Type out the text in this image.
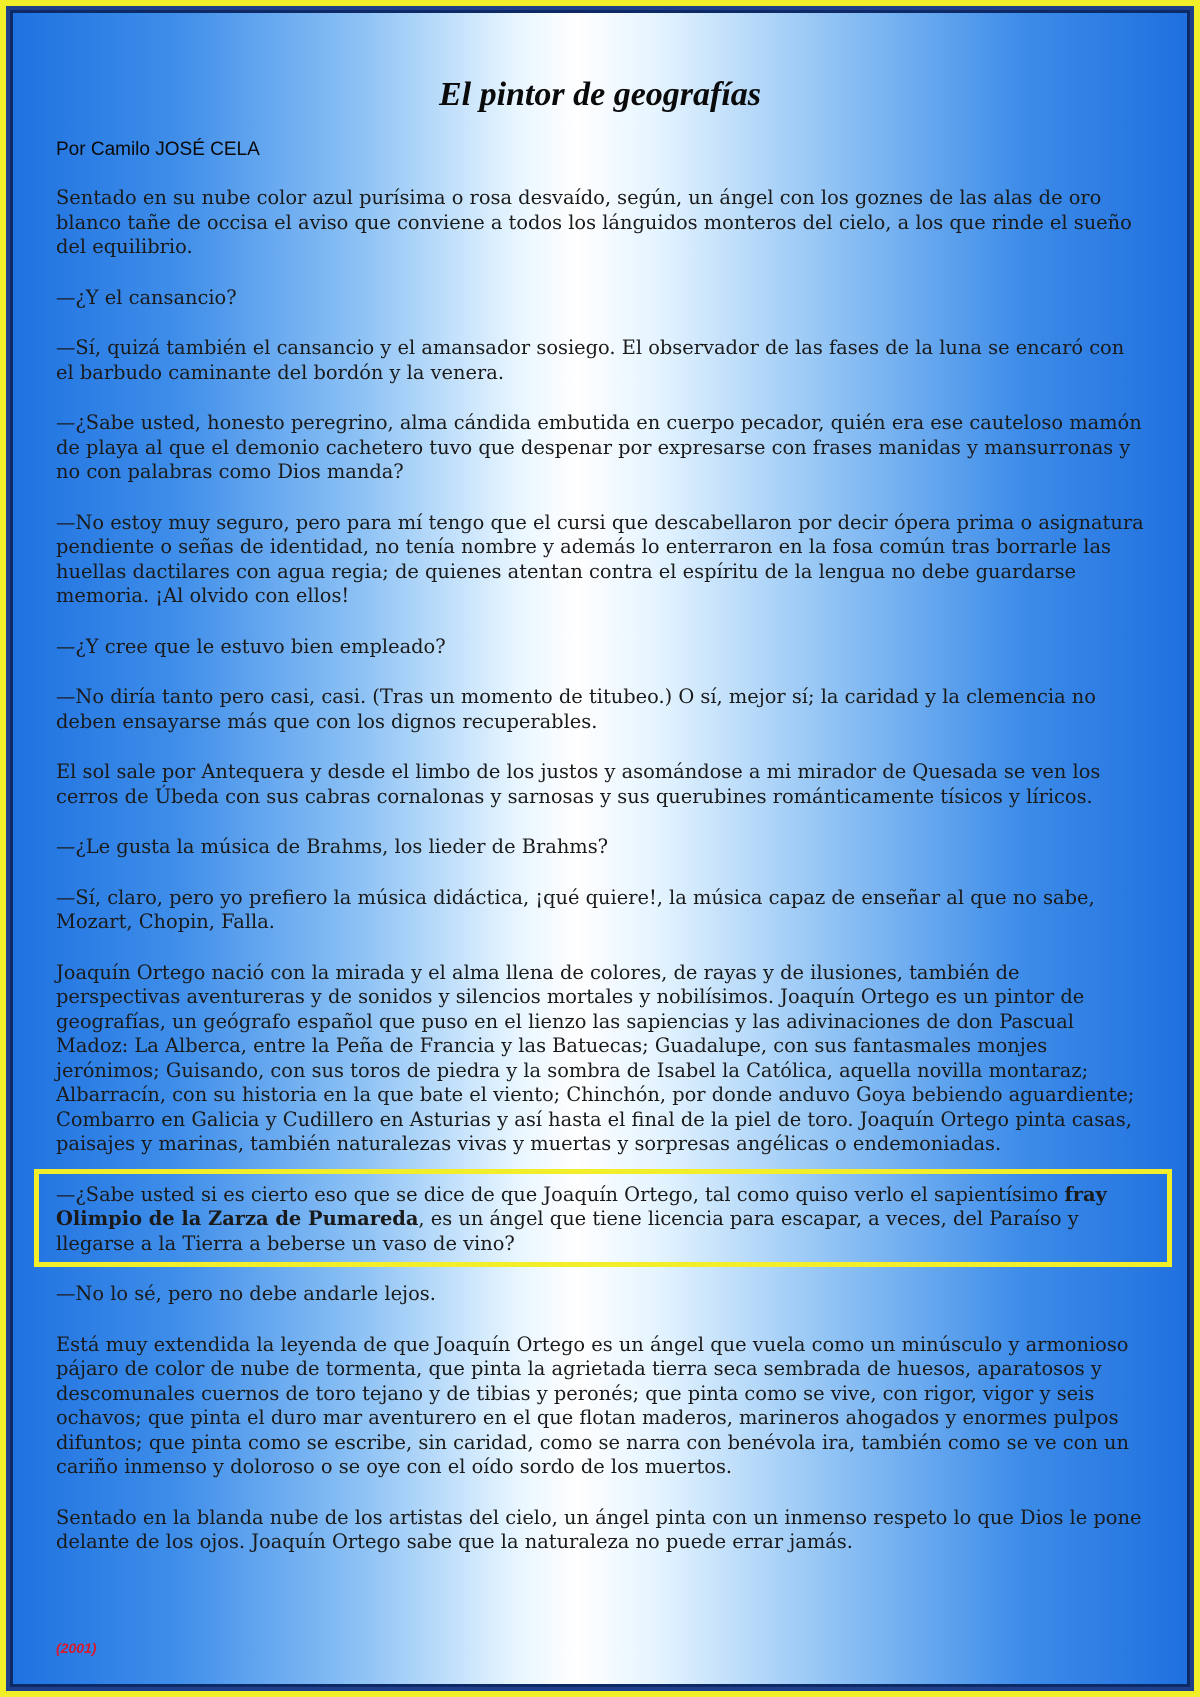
El pintor de geografías
Por Camilo JOSÉ CELA

Sentado en su nube color azul purísima o rosa desvaído, según, un ángel con los goznes de las alas de oro blanco tañe de occisa el aviso que conviene a todos los lánguidos monteros del cielo, a los que rinde el sueño del equilibrio.

—¿Y el cansancio?

—Sí, quizá también el cansancio y el amansador sosiego. El observador de las fases de la luna se encaró con el barbudo caminante del bordón y la venera.

—¿Sabe usted, honesto peregrino, alma cándida embutida en cuerpo pecador, quién era ese cauteloso mamón de playa al que el demonio cachetero tuvo que despenar por expresarse con frases manidas y mansurronas y no con palabras como Dios manda?

—No estoy muy seguro, pero para mí tengo que el cursi que descabellaron por decir ópera prima o asignatura pendiente o señas de identidad, no tenía nombre y además lo enterraron en la fosa común tras borrarle las huellas dactilares con agua regia; de quienes atentan contra el espíritu de la lengua no debe guardarse memoria. ¡Al olvido con ellos!

—¿Y cree que le estuvo bien empleado?

—No diría tanto pero casi, casi. (Tras un momento de titubeo.) O sí, mejor sí; la caridad y la clemencia no deben ensayarse más que con los dignos recuperables.

El sol sale por Antequera y desde el limbo de los justos y asomándose a mi mirador de Quesada se ven los cerros de Úbeda con sus cabras cornalonas y sarnosas y sus querubines románticamente tísicos y líricos.

—¿Le gusta la música de Brahms, los lieder de Brahms?

—Sí, claro, pero yo prefiero la música didáctica, ¡qué quiere!, la música capaz de enseñar al que no sabe, Mozart, Chopin, Falla.

Joaquín Ortego nació con la mirada y el alma llena de colores, de rayas y de ilusiones, también de perspectivas aventureras y de sonidos y silencios mortales y nobilísimos. Joaquín Ortego es un pintor de geografías, un geógrafo español que puso en el lienzo las sapiencias y las adivinaciones de don Pascual Madoz: La Alberca, entre la Peña de Francia y las Batuecas; Guadalupe, con sus fantasmales monjes jerónimos; Guisando, con sus toros de piedra y la sombra de Isabel la Católica, aquella novilla montaraz; Albarracín, con su historia en la que bate el viento; Chinchón, por donde anduvo Goya bebiendo aguardiente; Combarro en Galicia y Cudillero en Asturias y así hasta el final de la piel de toro. Joaquín Ortego pinta casas, paisajes y marinas, también naturalezas vivas y muertas y sorpresas angélicas o endemoniadas.

—¿Sabe usted si es cierto eso que se dice de que Joaquín Ortego, tal como quiso verlo el sapientísimo fray Olimpio de la Zarza de Pumareda, es un ángel que tiene licencia para escapar, a veces, del Paraíso y llegarse a la Tierra a beberse un vaso de vino?

—No lo sé, pero no debe andarle lejos.

Está muy extendida la leyenda de que Joaquín Ortego es un ángel que vuela como un minúsculo y armonioso pájaro de color de nube de tormenta, que pinta la agrietada tierra seca sembrada de huesos, aparatosos y descomunales cuernos de toro tejano y de tibias y peronés; que pinta como se vive, con rigor, vigor y seis ochavos; que pinta el duro mar aventurero en el que flotan maderos, marineros ahogados y enormes pulpos difuntos; que pinta como se escribe, sin caridad, como se narra con benévola ira, también como se ve con un cariño inmenso y doloroso o se oye con el oído sordo de los muertos.

Sentado en la blanda nube de los artistas del cielo, un ángel pinta con un inmenso respeto lo que Dios le pone delante de los ojos. Joaquín Ortego sabe que la naturaleza no puede errar jamás.

(2001)
